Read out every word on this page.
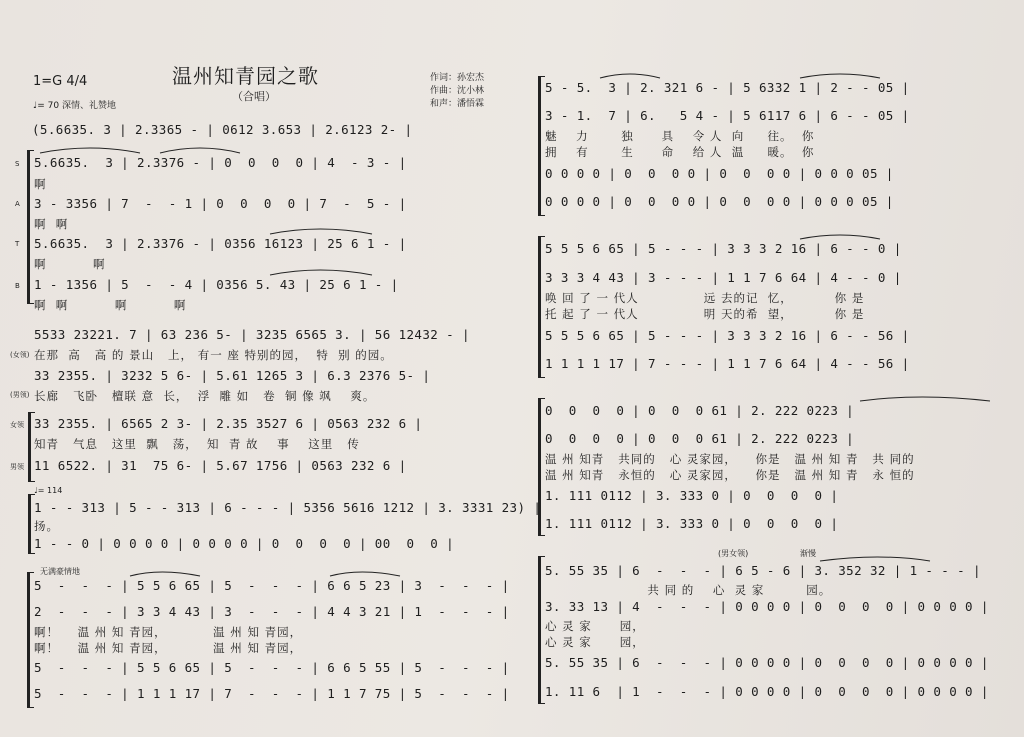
温州知青园之歌
（合唱）
1=G 4/4
♩= 70 深情、礼赞地
作词：孙宏杰
作曲：沈小林
和声：潘悟霖
(5.6635. 3 | 2.3365 - | 0612 3.653 | 2.6123 2- |
S
A
T
B
5.6635.  3 | 2.3376 - | 0  0  0  0 | 4  - 3 - |
啊
3 - 3356 | 7  -  - 1 | 0  0  0  0 | 7  -  5 - |
啊  啊
5.6635.  3 | 2.3376 - | 0356 16123 | 25 6 1 - |
啊          啊
1 - 1356 | 5  -  - 4 | 0356 5. 43 | 25 6 1 - |
啊  啊          啊          啊
(女领)
(男领)
女领
男领
5533 23221. 7 | 63 236 5- | 3235 6565 3. | 56 12432 - |
在那  高   高 的 景山   上， 有一 座 特别的园，  特  别 的园。
33 2355. | 3232 5 6- | 5.61 1265 3 | 6.3 2376 5- |
长廊   飞卧   檀联 意  长，  浮  雕 如   卷  铜 像 飒    爽。
33 2355. | 6565 2 3- | 2.35 3527 6 | 0563 232 6 |
知青   气息   这里  飘   荡，  知  青 故    事    这里   传
11 6522. | 31  75 6- | 5.67 1756 | 0563 232 6 |
♩= 114
1 - - 313 | 5 - - 313 | 6 - - - | 5356 5616 1212 | 3. 3331 23) |
扬。
1 - - 0 | 0 0 0 0 | 0 0 0 0 | 0  0  0  0 | 00  0  0 |
无满豪情地
5  -  -  - | 5 5 6 65 | 5  -  -  - | 6 6 5 23 | 3  -  -  - |
2  -  -  - | 3 3 4 43 | 3  -  -  - | 4 4 3 21 | 1  -  -  - |
啊！    温 州 知 青园，          温 州 知 青园，
啊！    温 州 知 青园，          温 州 知 青园，
5  -  -  - | 5 5 6 65 | 5  -  -  - | 6 6 5 55 | 5  -  -  - |
5  -  -  - | 1 1 1 17 | 7  -  -  - | 1 1 7 75 | 5  -  -  - |
5 - 5.  3 | 2. 321 6 - | 5 6332 1 | 2 - - 05 |
3 - 1.  7 | 6.   5 4 - | 5 6117 6 | 6 - - 05 |
魅    力       独      具    令 人  向     往。  你
拥    有       生      命    给 人  温     暖。  你
0 0 0 0 | 0  0  0 0 | 0  0  0 0 | 0 0 0 05 |
0 0 0 0 | 0  0  0 0 | 0  0  0 0 | 0 0 0 05 |
5 5 5 6 65 | 5 - - - | 3 3 3 2 16 | 6 - - 0 |
3 3 3 4 43 | 3 - - - | 1 1 7 6 64 | 4 - - 0 |
唤 回 了 一 代人              远 去的记  忆，         你 是
托 起 了 一 代人              明 天的希  望，         你 是
5 5 5 6 65 | 5 - - - | 3 3 3 2 16 | 6 - - 56 |
1 1 1 1 17 | 7 - - - | 1 1 7 6 64 | 4 - - 56 |
0  0  0  0 | 0  0  0 61 | 2. 222 0223 |
0  0  0  0 | 0  0  0 61 | 2. 222 0223 |
温 州 知青   共同的   心 灵家园，    你是   温 州 知 青   共 同的
温 州 知青   永恒的   心 灵家园，    你是   温 州 知 青   永 恒的
1. 111 0112 | 3. 333 0 | 0  0  0  0 |
1. 111 0112 | 3. 333 0 | 0  0  0  0 |
(男女领)	渐慢
5. 55 35 | 6  -  -  - | 6 5 - 6 | 3. 352 32 | 1 - - - |
共 同 的    心  灵 家         园。
3. 33 13 | 4  -  -  - | 0 0 0 0 | 0  0  0  0 | 0 0 0 0 |
心 灵 家      园，
心 灵 家      园，
5. 55 35 | 6  -  -  - | 0 0 0 0 | 0  0  0  0 | 0 0 0 0 |
1. 11 6  | 1  -  -  - | 0 0 0 0 | 0  0  0  0 | 0 0 0 0 |
